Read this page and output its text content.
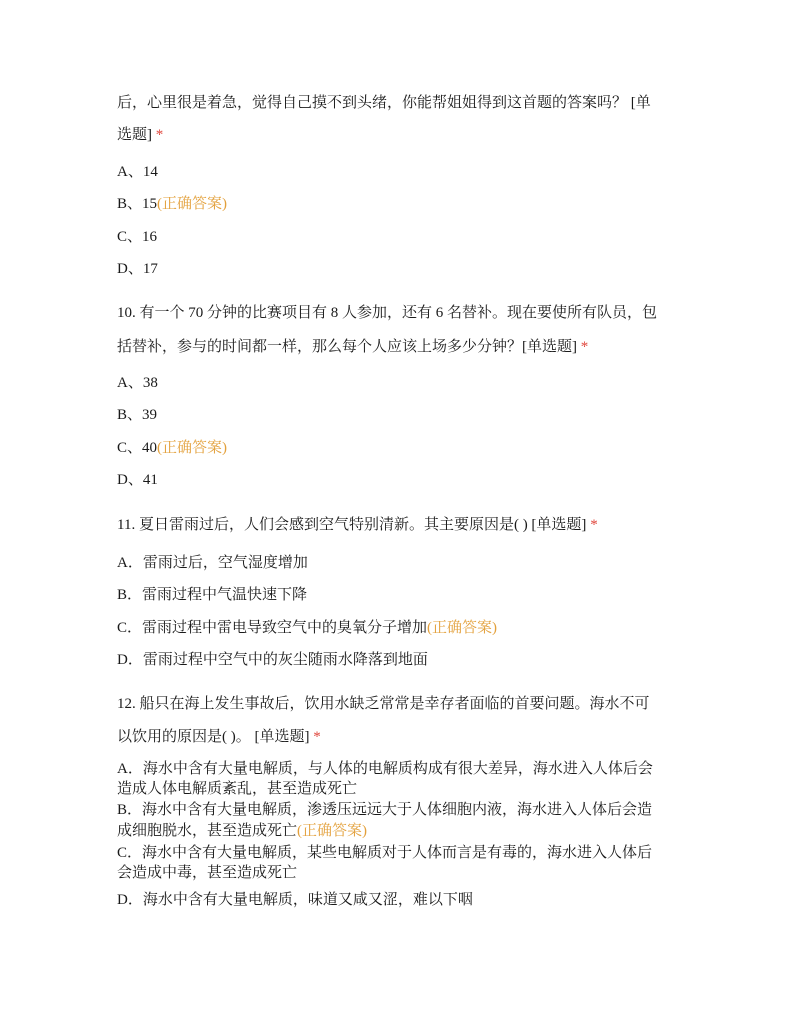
后，心里很是着急，觉得自己摸不到头绪，你能帮姐姐得到这首题的答案吗？ [单
选题] *
A、14
B、15(正确答案)
C、16
D、17
10. 有一个 70 分钟的比赛项目有 8 人参加，还有 6 名替补。现在要使所有队员，包
括替补，参与的时间都一样，那么每个人应该上场多少分钟？[单选题] *
A、38
B、39
C、40(正确答案)
D、41
11. 夏日雷雨过后，人们会感到空气特别清新。其主要原因是( ) [单选题] *
A．雷雨过后，空气湿度增加
B．雷雨过程中气温快速下降
C．雷雨过程中雷电导致空气中的臭氧分子增加(正确答案)
D．雷雨过程中空气中的灰尘随雨水降落到地面
12. 船只在海上发生事故后，饮用水缺乏常常是幸存者面临的首要问题。海水不可
以饮用的原因是( )。 [单选题] *
A．海水中含有大量电解质，与人体的电解质构成有很大差异，海水进入人体后会
造成人体电解质紊乱，甚至造成死亡
B．海水中含有大量电解质，渗透压远远大于人体细胞内液，海水进入人体后会造
成细胞脱水，甚至造成死亡(正确答案)
C．海水中含有大量电解质，某些电解质对于人体而言是有毒的，海水进入人体后
会造成中毒，甚至造成死亡
D．海水中含有大量电解质，味道又咸又涩，难以下咽
